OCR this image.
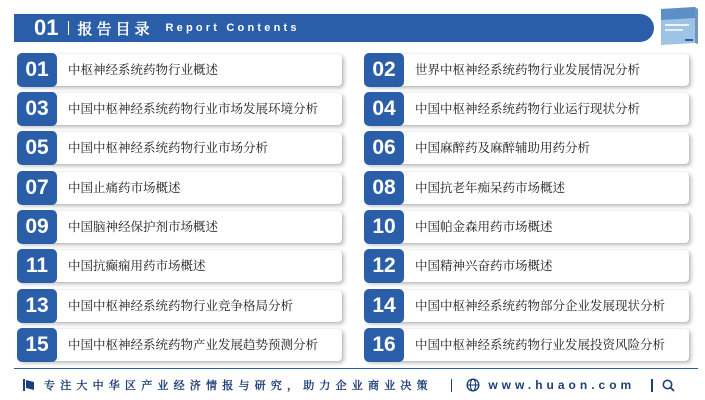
01 报告目录 Report Contents
01	中枢神经系统药物行业概述	02	世界中枢神经系统药物行业发展情况分析
03	中国中枢神经系统药物行业市场发展环境分析	04	中国中枢神经系统药物行业运行现状分析
05	中国中枢神经系统药物行业市场分析	06	中国麻醉药及麻醉辅助用药分析
07	中国止痛药市场概述	08	中国抗老年痴呆药市场概述
09	中国脑神经保护剂市场概述	10	中国帕金森用药市场概述
11	中国抗癫痫用药市场概述	12	中国精神兴奋药市场概述
13	中国中枢神经系统药物行业竞争格局分析	14	中国中枢神经系统药物部分企业发展现状分析
15	中国中枢神经系统药物产业发展趋势预测分析	16	中国中枢神经系统药物行业发展投资风险分析
专注大中华区产业经济情报与研究，助力企业商业决策	www.huaon.com
